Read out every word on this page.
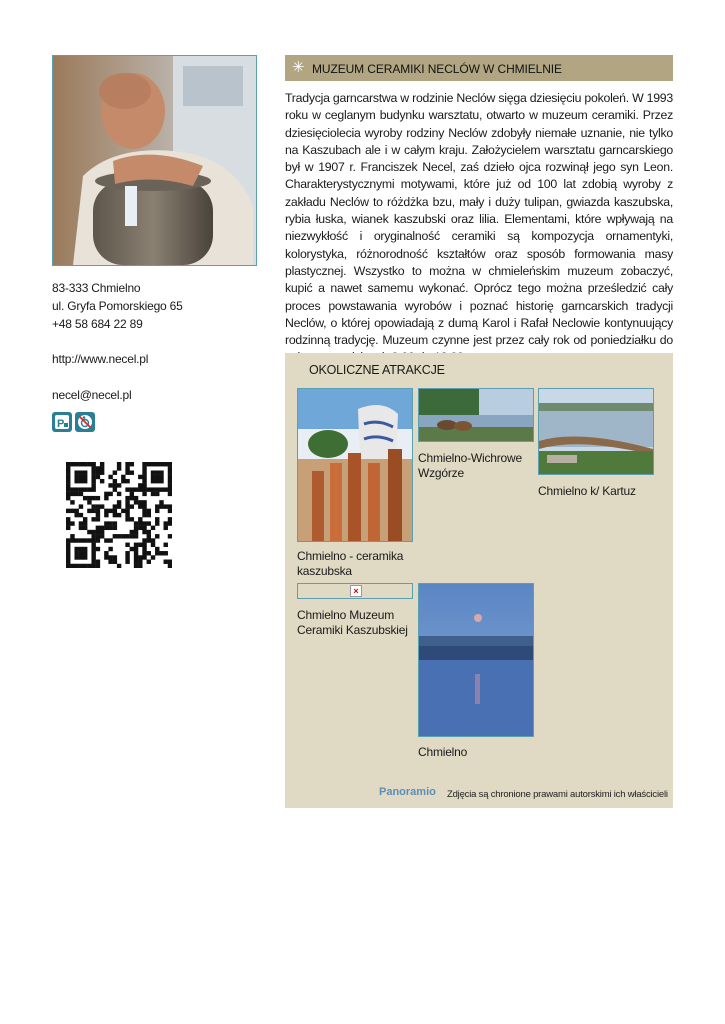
83-333 Chmielno
ul. Gryfa Pomorskiego 65
+48 58 684 22 89
http://www.necel.pl
necel@necel.pl
P
✳ MUZEUM CERAMIKI NECLÓW W CHMIELNIE
Tradycja garncarstwa w rodzinie Neclów sięga dziesięciu pokoleń. W 1993 roku w ceglanym budynku warsztatu, otwarto w muzeum ceramiki. Przez dziesięciolecia wyroby rodziny Neclów zdobyły niemałe uznanie, nie tylko na Kaszubach ale i w całym kraju. Założycielem warsztatu garncarskiego był w 1907 r. Franciszek Necel, zaś dzieło ojca rozwinął jego syn Leon. Charakterystycznymi motywami, które już od 100 lat zdobią wyroby z zakładu Neclów to różdżka bzu, mały i duży tulipan, gwiazda kaszubska, rybia łuska, wianek kaszubski oraz lilia. Elementami, które wpływają na niezwykłość i oryginalność ceramiki są kompozycja ornamentyki, kolorystyka, różnorodność kształtów oraz sposób formowania masy plastycznej. Wszystko to można w chmieleńskim muzeum zobaczyć, kupić a nawet samemu wykonać. Oprócz tego można prześledzić cały proces powstawania wyrobów i poznać historię garncarskich tradycji Neclów, o której opowiadają z dumą Karol i Rafał Neclowie kontynuujący rodzinną tradycję. Muzeum czynne jest przez cały rok od poniedziałku do
OKOLICZNE ATRAKCJE
Chmielno - ceramika kaszubska
Chmielno-Wichrowe Wzgórze
Chmielno k/ Kartuz
×
Chmielno Muzeum Ceramiki Kaszubskiej
Chmielno
Panoramio Zdjęcia są chronione prawami autorskimi ich właścicieli
